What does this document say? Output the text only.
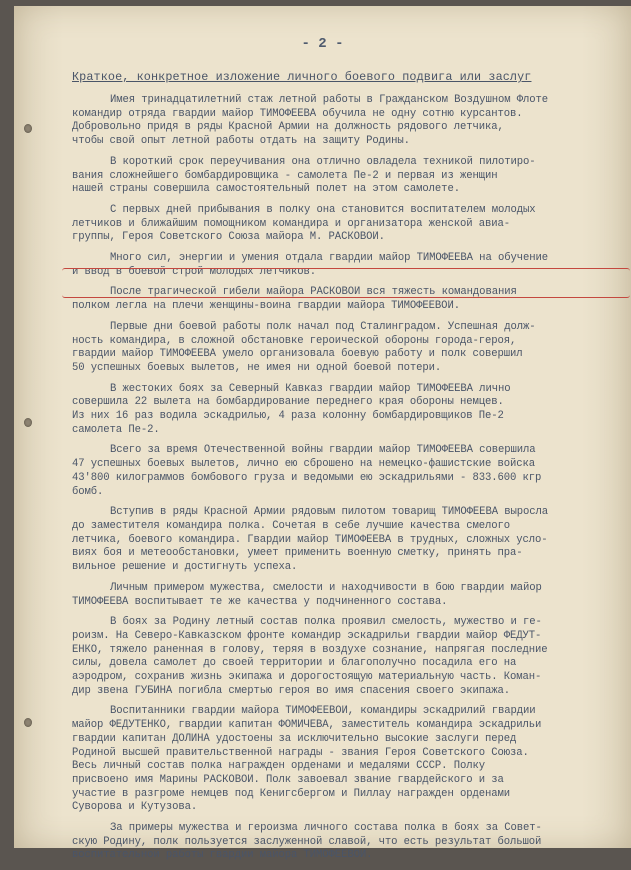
- 2 -
Краткое, конкретное изложение личного боевого подвига или заслуг

Имея тринадцатилетний стаж летной работы в Гражданском Воздушном Флоте
командир отряда гвардии майор ТИМОФЕЕВА обучила не одну сотню курсантов.
Добровольно придя в ряды Красной Армии на должность рядового летчика,
чтобы свой опыт летной работы отдать на защиту Родины.

В короткий срок переучивания она отлично овладела техникой пилотиро-
вания сложнейшего бомбардировщика - самолета Пе-2 и первая из женщин
нашей страны совершила самостоятельный полет на этом самолете.

С первых дней прибывания в полку она становится воспитателем молодых
летчиков и ближайшим помощником командира и организатора женской авиа-
группы, Героя Советского Союза майора М. РАСКОВОЙ.

Много сил, энергии и умения отдала гвардии майор ТИМОФЕЕВА на обучение
и ввод в боевой строй молодых летчиков.

После трагической гибели майора РАСКОВОЙ вся тяжесть командования
полком легла на плечи женщины-воина гвардии майора ТИМОФЕЕВОЙ.

Первые дни боевой работы полк начал под Сталинградом. Успешная долж-
ность командира, в сложной обстановке героической обороны города-героя,
гвардии майор ТИМОФЕЕВА умело организовала боевую работу и полк совершил
50 успешных боевых вылетов, не имея ни одной боевой потери.

В жестоких боях за Северный Кавказ гвардии майор ТИМОФЕЕВА лично
совершила 22 вылета на бомбардирование переднего края обороны немцев.
Из них 16 раз водила эскадрилью, 4 раза колонну бомбардировщиков Пе-2
самолета Пе-2.

Всего за время Отечественной войны гвардии майор ТИМОФЕЕВА совершила
47 успешных боевых вылетов, лично ею сброшено на немецко-фашистские войска
43'800 килограммов бомбового груза и ведомыми ею эскадрильями - 833.600 кгр
бомб.

Вступив в ряды Красной Армии рядовым пилотом товарищ ТИМОФЕЕВА выросла
до заместителя командира полка. Сочетая в себе лучшие качества смелого
летчика, боевого командира. Гвардии майор ТИМОФЕЕВА в трудных, сложных усло-
виях боя и метеообстановки, умеет применить военную сметку, принять пра-
вильное решение и достигнуть успеха.

Личным примером мужества, смелости и находчивости в бою гвардии майор
ТИМОФЕЕВА воспитывает те же качества у подчиненного состава.

В боях за Родину летный состав полка проявил смелость, мужество и ге-
роизм. На Северо-Кавказском фронте командир эскадрильи гвардии майор ФЕДУТ-
ЕНКО, тяжело раненная в голову, теряя в воздухе сознание, напрягая последние
силы, довела самолет до своей территории и благополучно посадила его на
аэродром, сохранив жизнь экипажа и дорогостоящую материальную часть. Коман-
дир звена ГУБИНА погибла смертью героя во имя спасения своего экипажа.

Воспитанники гвардии майора ТИМОФЕЕВОЙ, командиры эскадрилий гвардии
майор ФЕДУТЕНКО, гвардии капитан ФОМИЧЕВА, заместитель командира эскадрильи
гвардии капитан ДОЛИНА удостоены за исключительно высокие заслуги перед
Родиной высшей правительственной награды - звания Героя Советского Союза.
Весь личный состав полка награжден орденами и медалями СССР. Полку
присвоено имя Марины РАСКОВОЙ. Полк завоевал звание гвардейского и за
участие в разгроме немцев под Кенигсбергом и Пиллау награжден орденами
Суворова и Кутузова.

За примеры мужества и героизма личного состава полка в боях за Совет-
скую Родину, полк пользуется заслуженной славой, что есть результат большой
воспитательной работы гвардии майора ТИМОФЕЕВОЙ.
